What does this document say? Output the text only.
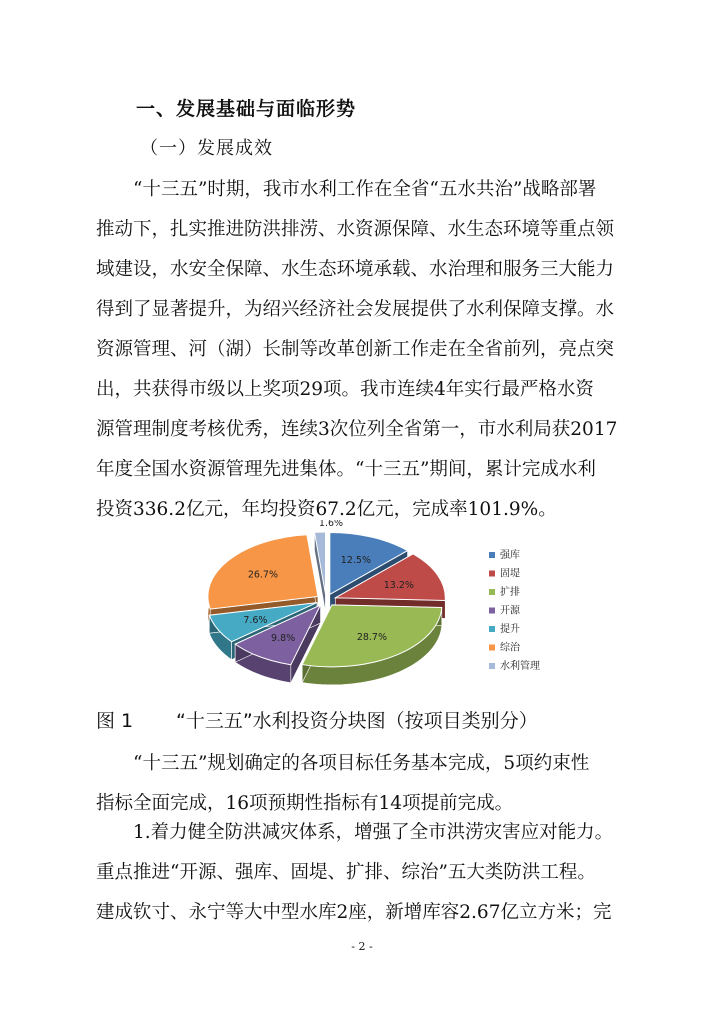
一、发展基础与面临形势
（一）发展成效
“十三五”时期，我市水利工作在全省“五水共治”战略部署
推动下，扎实推进防洪排涝、水资源保障、水生态环境等重点领
域建设，水安全保障、水生态环境承载、水治理和服务三大能力
得到了显著提升，为绍兴经济社会发展提供了水利保障支撑。水
资源管理、河（湖）长制等改革创新工作走在全省前列，亮点突
出，共获得市级以上奖项29项。我市连续4年实行最严格水资
源管理制度考核优秀，连续3次位列全省第一，市水利局获2017
年度全国水资源管理先进集体。“十三五”期间，累计完成水利
投资336.2亿元，年均投资67.2亿元，完成率101.9%。
12.5%
13.2%
28.7%
9.8%
7.6%
26.7%
1.6%
强库
固堤
扩排
开源
提升
综治
水利管理
图 1 “十三五”水利投资分块图（按项目类别分）
“十三五”规划确定的各项目标任务基本完成，5项约束性
指标全面完成，16项预期性指标有14项提前完成。
1.着力健全防洪减灾体系，增强了全市洪涝灾害应对能力。
重点推进“开源、强库、固堤、扩排、综治”五大类防洪工程。
建成钦寸、永宁等大中型水库2座，新增库容2.67亿立方米；完
- 2 -
